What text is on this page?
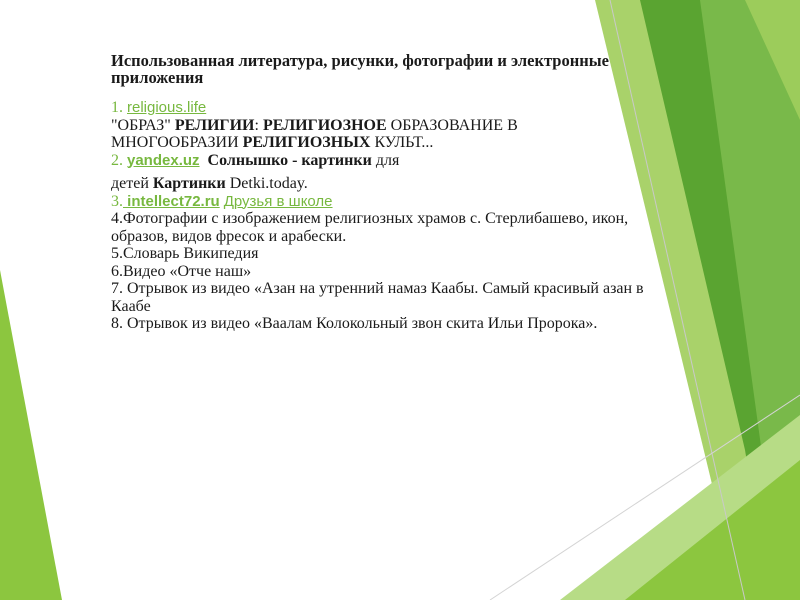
Использованная литература, рисунки, фотографии и электронные приложения

1. religious.life

"ОБРАЗ" РЕЛИГИИ: РЕЛИГИОЗНОЕ ОБРАЗОВАНИЕ В

МНОГООБРАЗИИ РЕЛИГИОЗНЫХ КУЛЬТ...

2. yandex.uz Солнышко - картинки для

детей Картинки Detki.today.

3. intellect72.ru Друзья в школе

4.Фотографии с изображением религиозных храмов с. Стерлибашево, икон, образов, видов фресок и арабески.

5.Словарь Википедия

6.Видео «Отче наш»

7. Отрывок из видео «Азан на утренний намаз Каабы. Самый красивый азан в Каабе

8. Отрывок из видео «Ваалам Колокольный звон скита Ильи Пророка».
